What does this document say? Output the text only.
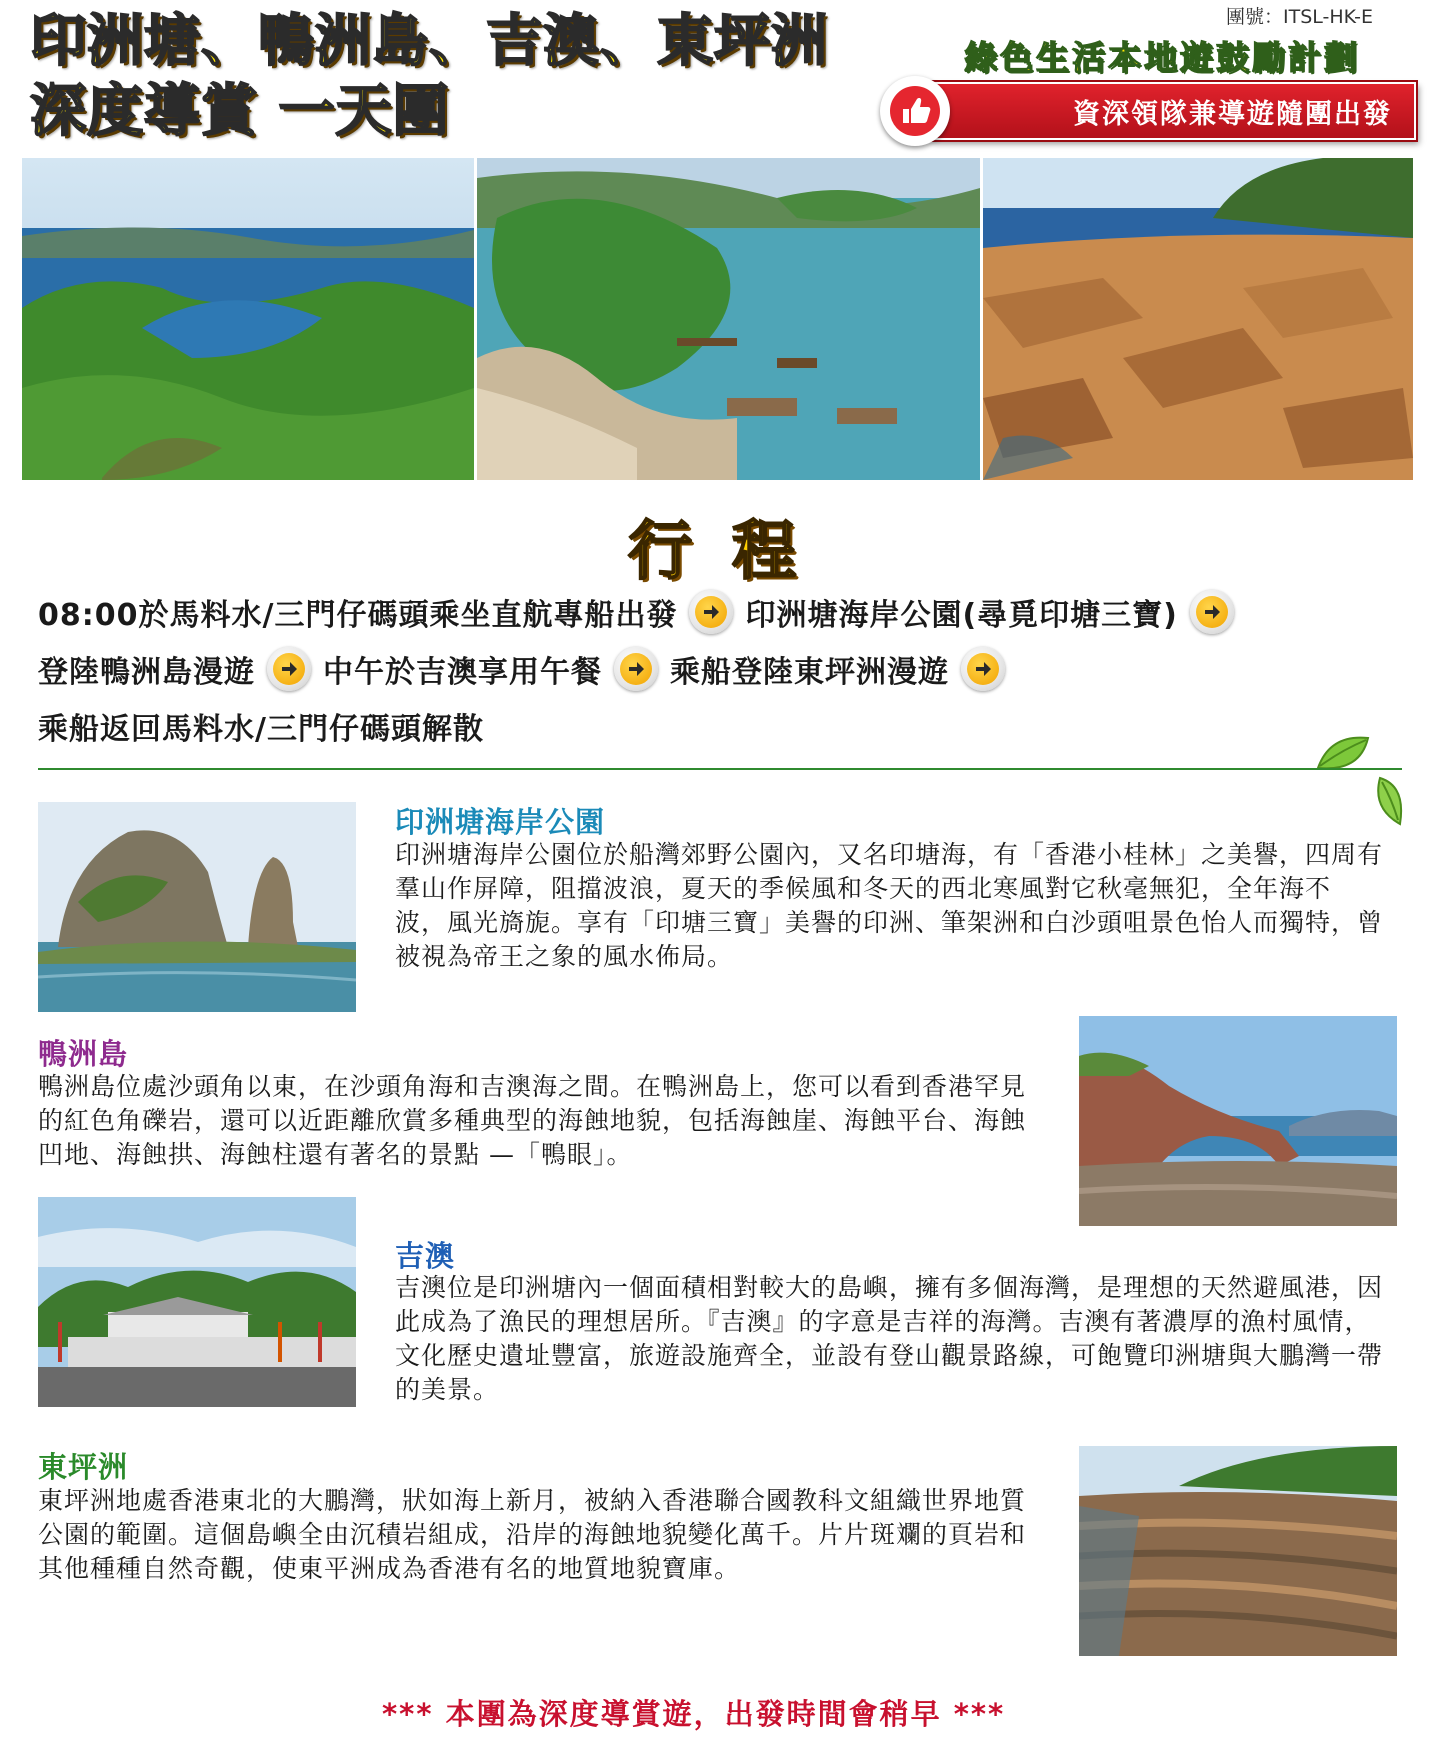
印洲塘、鴨洲島、吉澳、東坪洲
深度導賞 一天團
團號：ITSL-HK-E
綠色生活本地遊鼓勵計劃
資深領隊兼導遊隨團出發
行程
08:00於馬料水/三門仔碼頭乘坐直航專船出發 印洲塘海岸公園(尋覓印塘三寶)
登陸鴨洲島漫遊 中午於吉澳享用午餐 乘船登陸東坪洲漫遊
乘船返回馬料水/三門仔碼頭解散
印洲塘海岸公園
印洲塘海岸公園位於船灣郊野公園內，又名印塘海，有「香港小桂林」之美譽，四周有羣山作屏障，阻擋波浪，夏天的季候風和冬天的西北寒風對它秋毫無犯，全年海不　波，風光旖旎。享有「印塘三寶」美譽的印洲、筆架洲和白沙頭咀景色怡人而獨特，曾被視為帝王之象的風水佈局。
鴨洲島
鴨洲島位處沙頭角以東，在沙頭角海和吉澳海之間。在鴨洲島上，您可以看到香港罕見的紅色角礫岩，還可以近距離欣賞多種典型的海蝕地貌，包括海蝕崖、海蝕平台、海蝕凹地、海蝕拱、海蝕柱還有著名的景點 —「鴨眼」。
吉澳
吉澳位是印洲塘內一個面積相對較大的島嶼，擁有多個海灣，是理想的天然避風港，因此成為了漁民的理想居所。『吉澳』的字意是吉祥的海灣。吉澳有著濃厚的漁村風情，文化歷史遺址豐富，旅遊設施齊全，並設有登山觀景路線，可飽覽印洲塘與大鵬灣一帶的美景。
東坪洲
東坪洲地處香港東北的大鵬灣，狀如海上新月，被納入香港聯合國教科文組織世界地質公園的範圍。這個島嶼全由沉積岩組成，沿岸的海蝕地貌變化萬千。片片斑斕的頁岩和其他種種自然奇觀，使東平洲成為香港有名的地質地貌寶庫。
*** 本團為深度導賞遊，出發時間會稍早 ***
